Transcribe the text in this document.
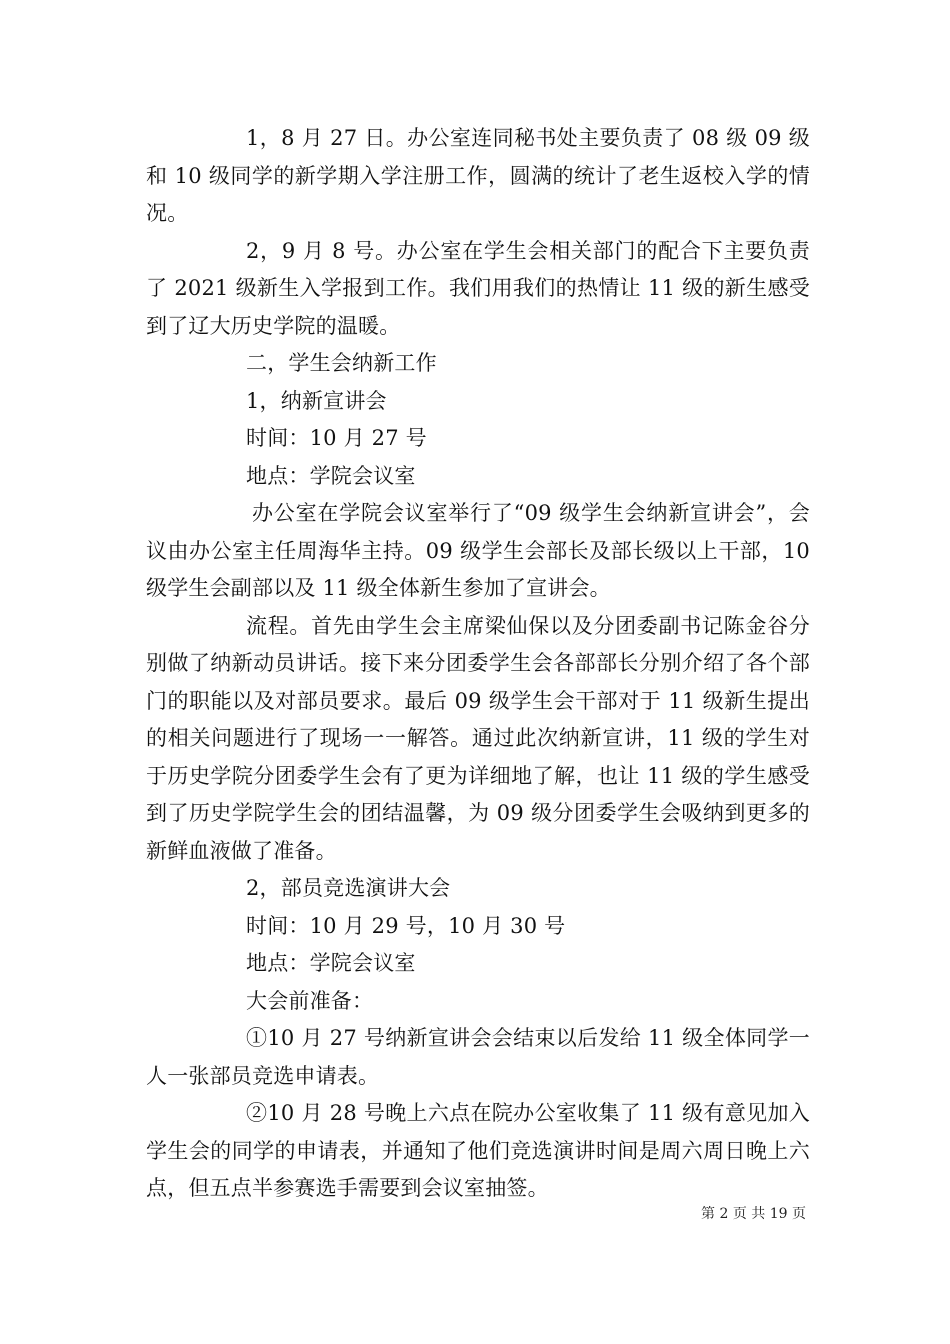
1，8 月 27 日。办公室连同秘书处主要负责了 08 级 09 级和 10 级同学的新学期入学注册工作，圆满的统计了老生返校入学的情况。

2，9 月 8 号。办公室在学生会相关部门的配合下主要负责了 2021 级新生入学报到工作。我们用我们的热情让 11 级的新生感受到了辽大历史学院的温暖。

二，学生会纳新工作

1，纳新宣讲会

时间：10 月 27 号

地点：学院会议室

办公室在学院会议室举行了“09 级学生会纳新宣讲会”，会议由办公室主任周海华主持。09 级学生会部长及部长级以上干部，10 级学生会副部以及 11 级全体新生参加了宣讲会。

流程。首先由学生会主席梁仙保以及分团委副书记陈金谷分别做了纳新动员讲话。接下来分团委学生会各部部长分别介绍了各个部门的职能以及对部员要求。最后 09 级学生会干部对于 11 级新生提出的相关问题进行了现场一一解答。通过此次纳新宣讲，11 级的学生对于历史学院分团委学生会有了更为详细地了解，也让 11 级的学生感受到了历史学院学生会的团结温馨，为 09 级分团委学生会吸纳到更多的新鲜血液做了准备。

2，部员竞选演讲大会

时间：10 月 29 号，10 月 30 号

地点：学院会议室

大会前准备：

①10 月 27 号纳新宣讲会会结束以后发给 11 级全体同学一人一张部员竞选申请表。

②10 月 28 号晚上六点在院办公室收集了 11 级有意见加入学生会的同学的申请表，并通知了他们竞选演讲时间是周六周日晚上六点，但五点半参赛选手需要到会议室抽签。

第 2 页 共 19 页
